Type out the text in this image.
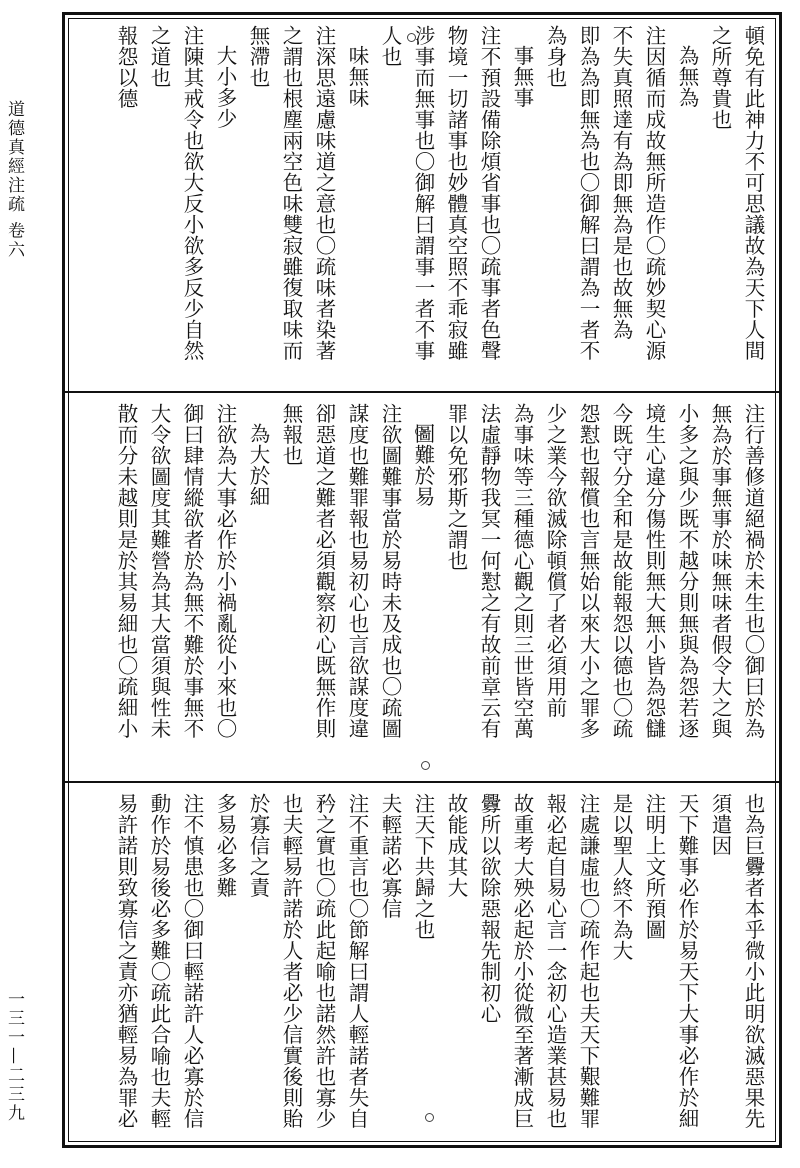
道德真經注疏 卷六
一三一—二三九
頓免有此神力不可思議故為天下人間
之所尊貴也
為無為
注因循而成故無所造作〇疏妙契心源
不失真照達有為即無為是也故無為
即為為即無為也〇御解曰謂為一者不
為身也
事無事
注不預設備除煩省事也〇疏事者色聲
物境一切諸事也妙體真空照不乖寂雖
涉事而無事也〇御解曰謂事一者不事
人也
味無味
注深思遠慮味道之意也〇疏味者染著
之謂也根塵兩空色味雙寂雖復取味而
無滯也
大小多少
注陳其戒令也欲大反小欲多反少自然
之道也
報怨以德
注行善修道絕禍於未生也〇御曰於為
無為於事無事於味無味者假令大之與
小多之與少既不越分則無與為怨若逐
境生心違分傷性則無大無小皆為怨讎
今既守分全和是故能報怨以德也〇疏
怨懟也報償也言無始以來大小之罪多
少之業今欲滅除頓償了者必須用前
為事味等三種德心觀之則三世皆空萬
法虛靜物我冥一何懟之有故前章云有
罪以免邪斯之謂也
圖難於易
注欲圖難事當於易時未及成也〇疏圖
謀度也難罪報也易初心也言欲謀度違
卻惡道之難者必須觀察初心既無作則
無報也
為大於細
注欲為大事必作於小禍亂從小來也〇
御曰肆情縱欲者於為無不難於事無不
大令欲圖度其難營為其大當須與性未
散而分未越則是於其易細也〇疏細小
也為巨釁者本乎微小此明欲滅惡果先
須遣因
天下難事必作於易天下大事必作於細
注明上文所預圖
是以聖人終不為大
注處謙虛也〇疏作起也夫天下艱難罪
報必起自易心言一念初心造業甚易也
故重考大殃必起於小從微至著漸成巨
釁所以欲除惡報先制初心
故能成其大
注天下共歸之也
夫輕諾必寡信
注不重言也〇節解曰謂人輕諾者失自
矜之實也〇疏此起喻也諾然許也寡少
也夫輕易許諾於人者必少信實後則貽
於寡信之責
多易必多難
注不慎患也〇御曰輕諾許人必寡於信
動作於易後必多難〇疏此合喻也夫輕
易許諾則致寡信之責亦猶輕易為罪必
